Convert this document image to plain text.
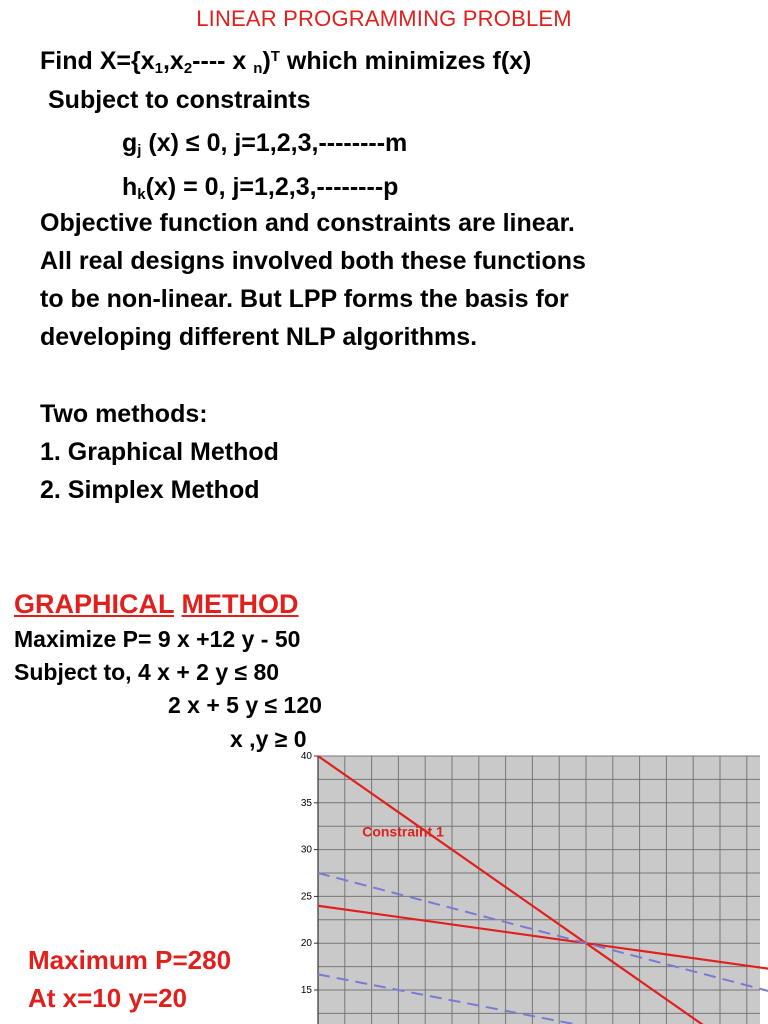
LINEAR PROGRAMMING PROBLEM
Find $X=\{x_1,x_2----$ x $_n$)$^T$ which minimizes f(x)
Subject to constraints
$g_j$ (x) ≤ 0, j=1,2,3,--------m
$h_k(x) = 0$, j=1,2,3,--------p
Objective function and constraints are linear.
All real designs involved both these functions
to be non-linear. But LPP forms the basis for
developing different NLP algorithms.
Two methods:
1. Graphical Method
2. Simplex Method
GRAPHICAL METHOD
Maximize P= 9 x +12 y - 50
Subject to, 4 x + 2 y ≤ 80
2 x + 5 y ≤ 120
x ,y ≥ 0
40
35
30
25
20
15
Constraint 1
Maximum P=280
At x=10 y=20
